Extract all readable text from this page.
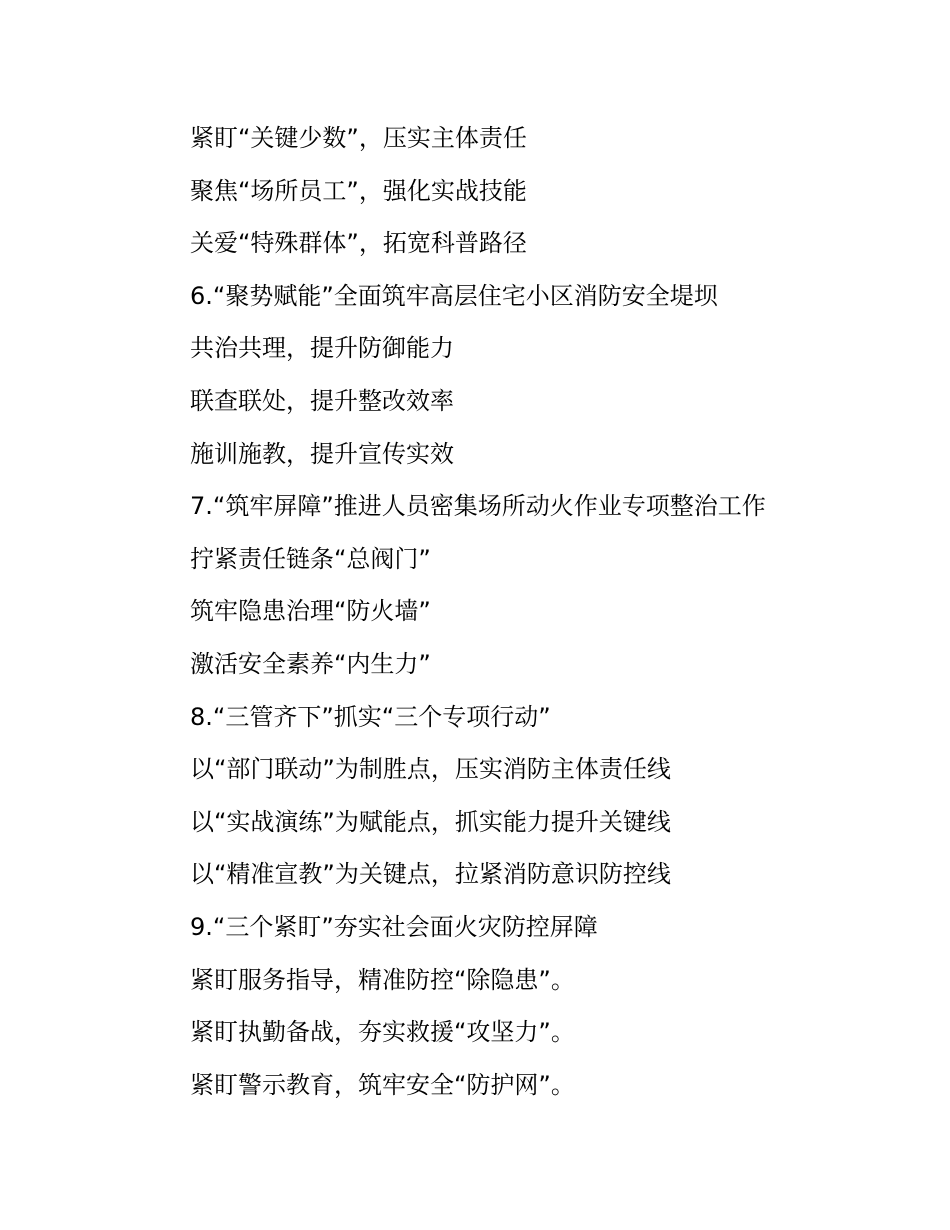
紧盯“关键少数”，压实主体责任
聚焦“场所员工”，强化实战技能
关爱“特殊群体”，拓宽科普路径
6.“聚势赋能”全面筑牢高层住宅小区消防安全堤坝
共治共理，提升防御能力
联查联处，提升整改效率
施训施教，提升宣传实效
7.“筑牢屏障”推进人员密集场所动火作业专项整治工作
拧紧责任链条“总阀门”
筑牢隐患治理“防火墙”
激活安全素养“内生力”
8.“三管齐下”抓实“三个专项行动”
以“部门联动”为制胜点，压实消防主体责任线
以“实战演练”为赋能点，抓实能力提升关键线
以“精准宣教”为关键点，拉紧消防意识防控线
9.“三个紧盯”夯实社会面火灾防控屏障
紧盯服务指导，精准防控“除隐患”。
紧盯执勤备战，夯实救援“攻坚力”。
紧盯警示教育，筑牢安全“防护网”。
